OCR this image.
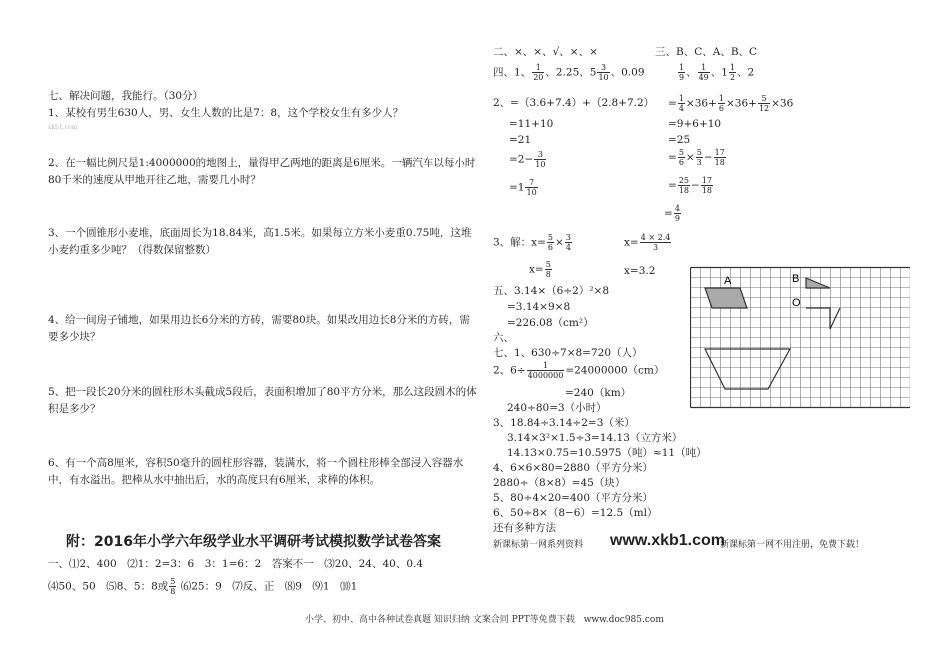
七、解决问题，我能行。（30分）

1、某校有男生630人，男、女生人数的比是7：8，这个学校女生有多少人？

xkb1.com

2、在一幅比例尺是1:4000000的地图上，量得甲乙两地的距离是6厘米。一辆汽车以每小时80千米的速度从甲地开往乙地，需要几小时？

3、一个圆锥形小麦堆，底面周长为18.84米，高1.5米。如果每立方米小麦重0.75吨，这堆小麦约重多少吨？（得数保留整数）

4、给一间房子铺地，如果用边长6分米的方砖，需要80块。如果改用边长8分米的方砖，需要多少块？

5、把一段长20分米的圆柱形木头截成5段后，表面积增加了80平方分米，那么这段圆木的体积是多少？

6、有一个高8厘米，容积50毫升的圆柱形容器，装满水，将一个圆柱形棒全部浸入容器水中，有水溢出。把棒从水中抽出后，水的高度只有6厘米，求棒的体积。

附：2016年小学六年级学业水平调研考试模拟数学试卷答案
一、⑴2、400　⑵1：2=3：6　3：1=6：2　答案不一　⑶20、24、40、0.4
⑷50、50　⑸8、5：8或 $\frac{5}{8}$ ⑹25：9　⑺反、正　⑻9　⑼1　⑽1
二、×、×、√、×、×	三、B、C、A、B、C
四、1、 $\frac{1}{20}$ 、2.25、$5 \frac{3}{10}$ 、0.09	$\frac{1}{9}$ 、 $\frac{1}{49}$ 、$1 \frac{1}{2}$ 、2
2、=（3.6+7.4）+（2.8+7.2）
=11+10
=21
$=2- \frac{3}{10}$
$=1 \frac{7}{10}$
= $\frac{1}{4} \times 36+ \frac{1}{6} \times 36+ \frac{5}{12} \times 36$
=9+6+10
=25
= $\frac{5}{6} \times \frac{5}{3} - \frac{17}{18}$
= $\frac{25}{18} - \frac{17}{18}$
= $\frac{4}{9}$
3、解：$x= \frac{5}{6} \times \frac{3}{4}$
$x= \frac{5}{8}$
$x= \frac{4 \times 2.4}{3}$
x=3.2
五、3.14×（6÷2）²×8
=3.14×9×8
=226.08（cm²）
六、
七、1、630÷7×8=720（人）
2、$6\div \frac{1}{4000000} =24000000(cm)$
=240（km）
240÷80=3（小时）
3、18.84÷3.14÷2=3（米）
3.14×3²×1.5÷3=14.13（立方米）
14.13×0.75=10.5975（吨）≈11（吨）
4、6×6×80=2880（平方分米）
2880÷（8×8）=45（块）
5、80÷4×20=400（平方分米）
6、50÷8×（8−6）=12.5（ml）
还有多种方法
A	B
O
新课标第一网系列资料 www.xkb1.com
新课标第一网不用注册，免费下载！
小学、初中、高中各种试卷真题 知识归纳 文案合同 PPT等免费下载　www.doc985.com
